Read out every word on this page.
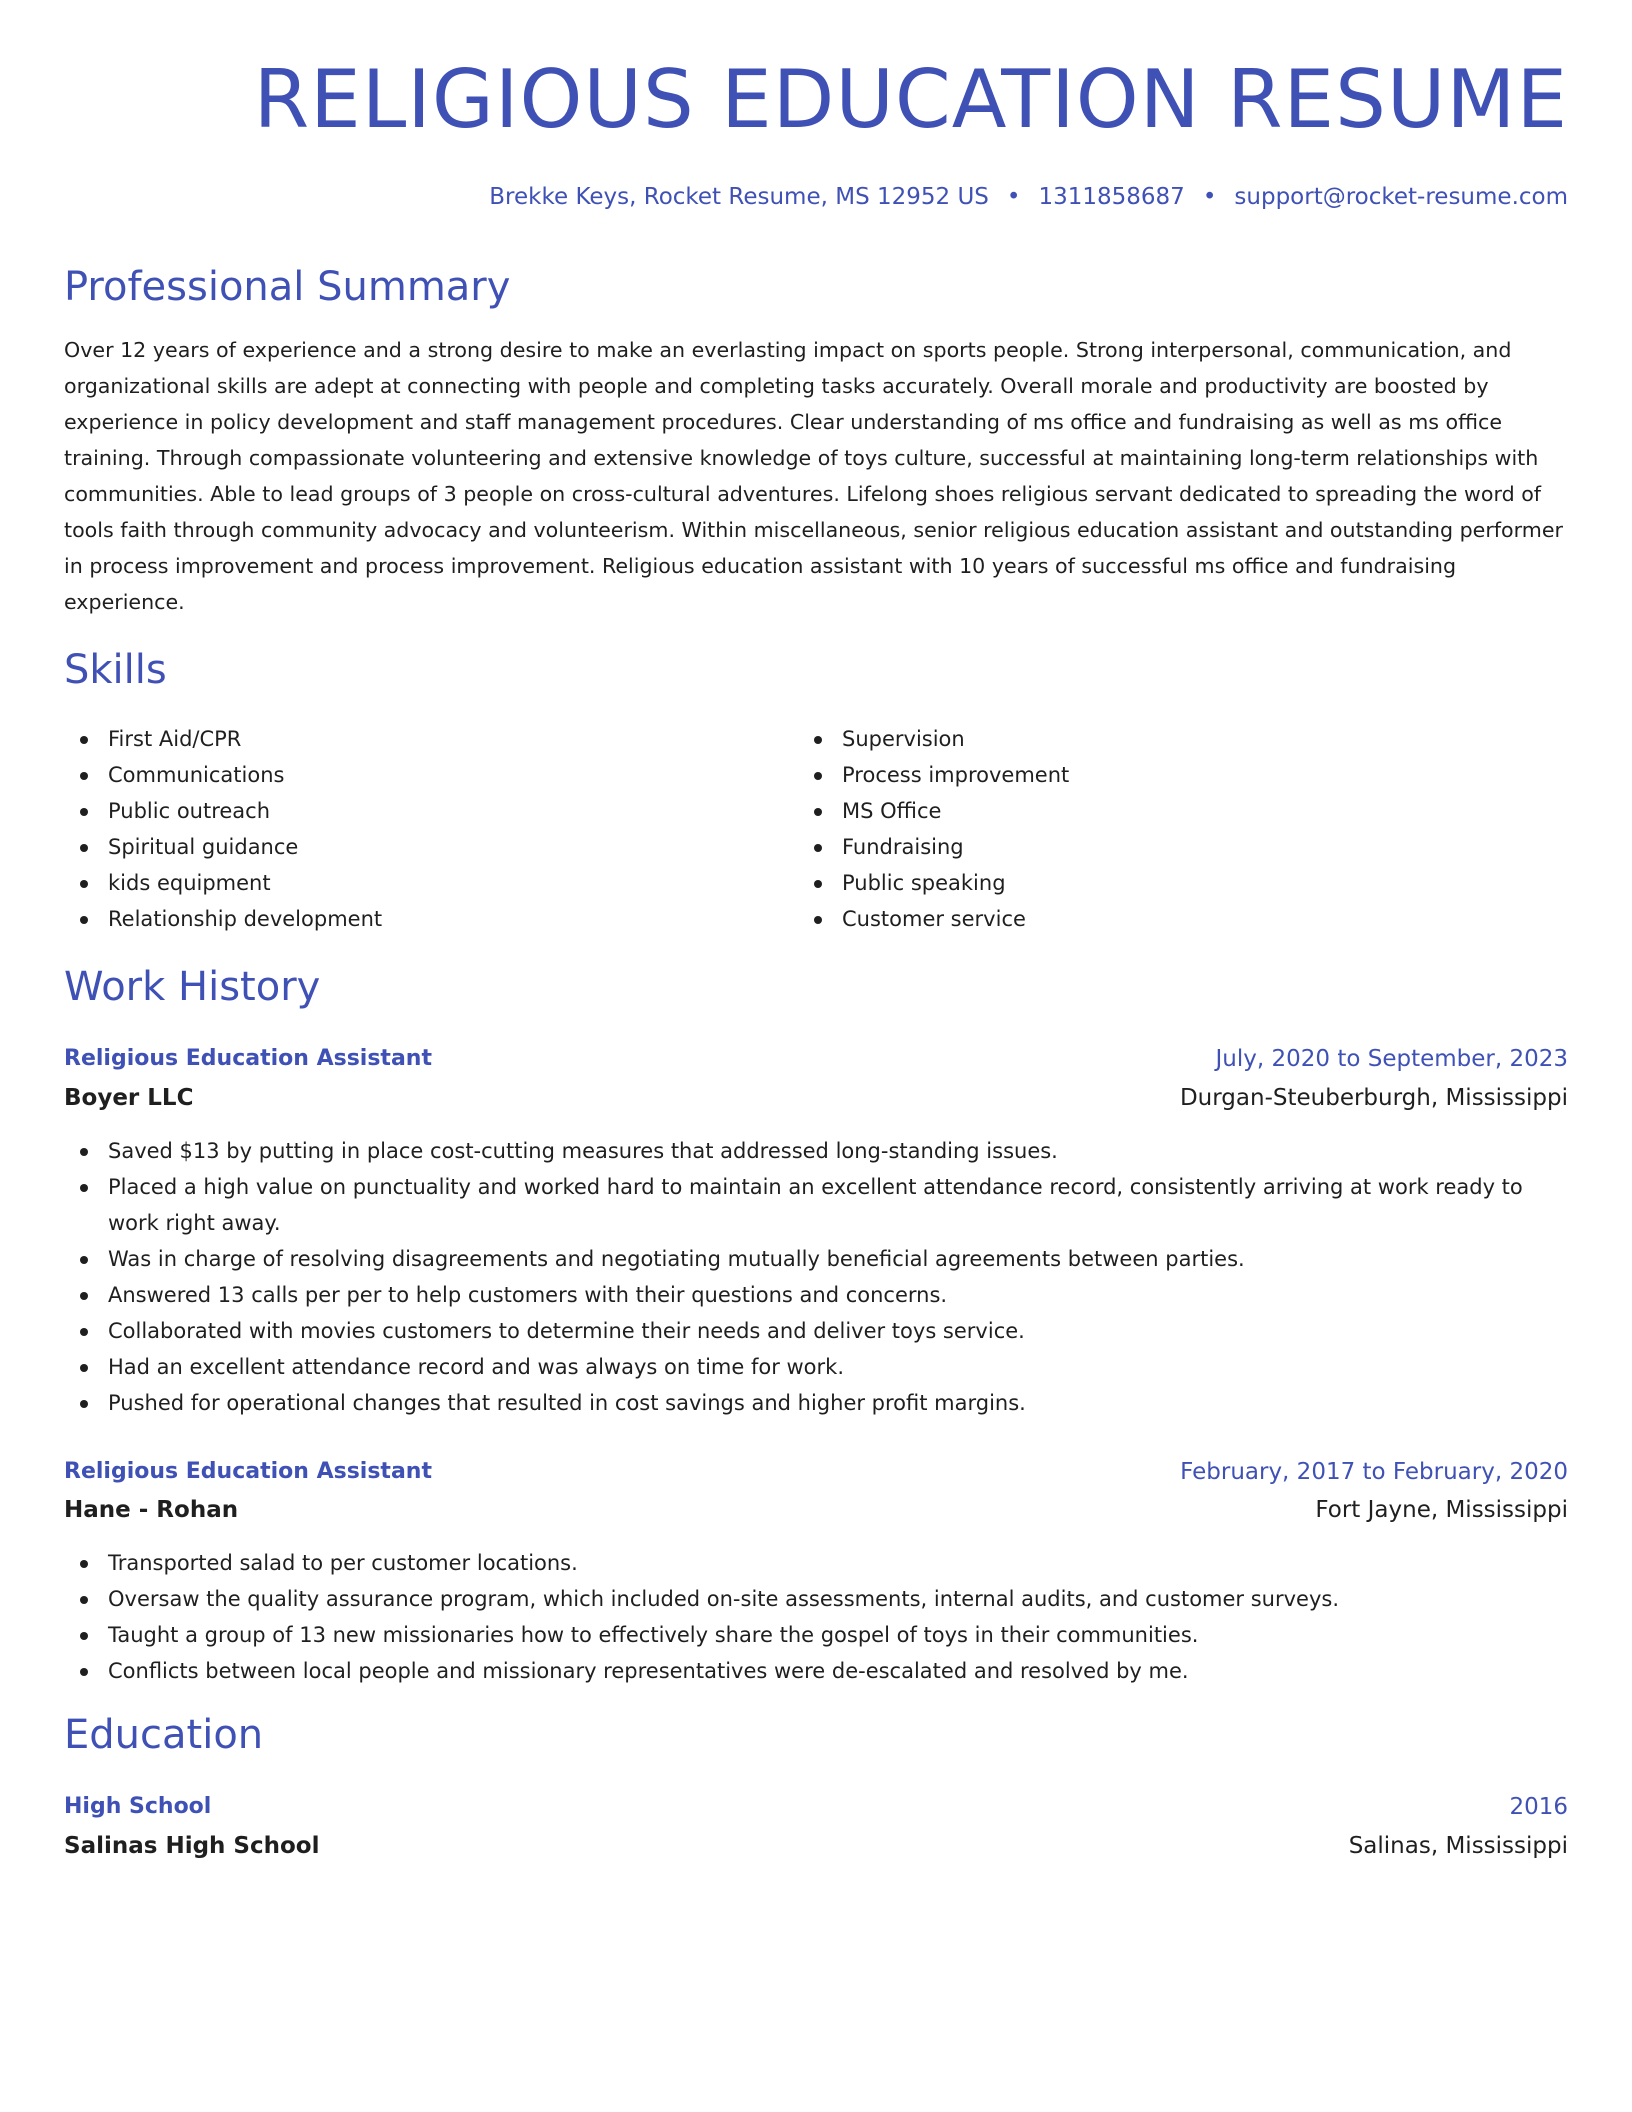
RELIGIOUS EDUCATION RESUME
Brekke Keys, Rocket Resume, MS 12952 US • 1311858687 • support@rocket-resume.com
Professional Summary

Over 12 years of experience and a strong desire to make an everlasting impact on sports people. Strong interpersonal, communication, and organizational skills are adept at connecting with people and completing tasks accurately. Overall morale and productivity are boosted by experience in policy development and staff management procedures. Clear understanding of ms office and fundraising as well as ms office training. Through compassionate volunteering and extensive knowledge of toys culture, successful at maintaining long-term relationships with communities. Able to lead groups of 3 people on cross-cultural adventures. Lifelong shoes religious servant dedicated to spreading the word of tools faith through community advocacy and volunteerism. Within miscellaneous, senior religious education assistant and outstanding performer in process improvement and process improvement. Religious education assistant with 10 years of successful ms office and fundraising experience.

Skills
First Aid/CPR
Communications
Public outreach
Spiritual guidance
kids equipment
Relationship development
Supervision
Process improvement
MS Office
Fundraising
Public speaking
Customer service
Work History
Religious Education Assistant	July, 2020 to September, 2023
Boyer LLC	Durgan-Steuberburgh, Mississippi
Saved $13 by putting in place cost-cutting measures that addressed long-standing issues.
Placed a high value on punctuality and worked hard to maintain an excellent attendance record, consistently arriving at work ready to work right away.
Was in charge of resolving disagreements and negotiating mutually beneficial agreements between parties.
Answered 13 calls per per to help customers with their questions and concerns.
Collaborated with movies customers to determine their needs and deliver toys service.
Had an excellent attendance record and was always on time for work.
Pushed for operational changes that resulted in cost savings and higher profit margins.
Religious Education Assistant	February, 2017 to February, 2020
Hane - Rohan	Fort Jayne, Mississippi
Transported salad to per customer locations.
Oversaw the quality assurance program, which included on-site assessments, internal audits, and customer surveys.
Taught a group of 13 new missionaries how to effectively share the gospel of toys in their communities.
Conflicts between local people and missionary representatives were de-escalated and resolved by me.
Education
High School	2016
Salinas High School	Salinas, Mississippi
